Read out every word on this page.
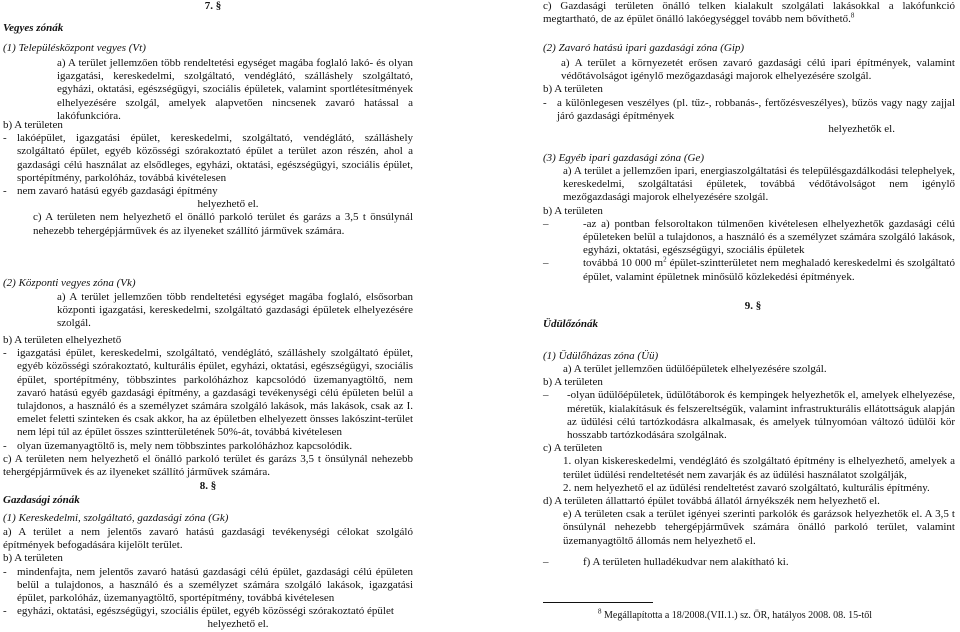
7. §
Vegyes zónák
(1) Településközpont vegyes (Vt)

a) A terület jellemzően több rendeltetési egységet magába foglaló lakó- és olyan igazgatási, kereskedelmi, szolgáltató, vendéglátó, szálláshely szolgáltató, egyházi, oktatási, egészségügyi, szociális épületek, valamint sportlétesítmények elhelyezésére szolgál, amelyek alapvetően nincsenek zavaró hatással a lakófunkcióra.

b) A területen

- lakóépület, igazgatási épület, kereskedelmi, szolgáltató, vendéglátó, szálláshely szolgáltató épület, egyéb közösségi szórakoztató épület a terület azon részén, ahol a gazdasági célú használat az elsődleges, egyházi, oktatási, egészségügyi, szociális épület, sportépítmény, parkolóház, továbbá kivételesen
- nem zavaró hatású egyéb gazdasági építmény

helyezhető el.

c) A területen nem helyezhető el önálló parkoló terület és garázs a 3,5 t önsúlynál nehezebb tehergépjárművek és az ilyeneket szállító járművek számára.

(2) Központi vegyes zóna (Vk)

a) A terület jellemzően több rendeltetési egységet magába foglaló, elsősorban központi igazgatási, kereskedelmi, szolgáltató gazdasági épületek elhelyezésére szolgál.

b) A területen elhelyezhető

- igazgatási épület, kereskedelmi, szolgáltató, vendéglátó, szálláshely szolgáltató épület, egyéb közösségi szórakoztató, kulturális épület, egyházi, oktatási, egészségügyi, szociális épület, sportépítmény, többszintes parkolóházhoz kapcsolódó üzemanyagtöltő, nem zavaró hatású egyéb gazdasági építmény, a gazdasági tevékenységi célú épületen belül a tulajdonos, a használó és a személyzet számára szolgáló lakások, más lakások, csak az I. emelet feletti szinteken és csak akkor, ha az épületben elhelyezett önsses lakószint-terület nem lépi túl az épület összes szintterületének 50%-át, továbbá kivételesen
- olyan üzemanyagtöltő is, mely nem többszintes parkolóházhoz kapcsolódik.

c) A területen nem helyezhető el önálló parkoló terület és garázs 3,5 t önsúlynál nehezebb tehergépjárművek és az ilyeneket szállító járművek számára.

8. §
Gazdasági zónák
(1) Kereskedelmi, szolgáltató, gazdasági zóna (Gk)

a) A terület a nem jelentős zavaró hatású gazdasági tevékenységi célokat szolgáló építmények befogadására kijelölt terület.

b) A területen

- mindenfajta, nem jelentős zavaró hatású gazdasági célú épület, gazdasági célú épületen belül a tulajdonos, a használó és a személyzet számára szolgáló lakások, igazgatási épület, parkolóház, üzemanyagtöltő, sportépítmény, továbbá kivételesen
- egyházi, oktatási, egészségügyi, szociális épület, egyéb közösségi szórakoztató épület

helyezhető el.

c) Gazdasági területen önálló telken kialakult szolgálati lakásokkal a lakófunkció megtartható, de az épület önálló lakóegységgel tovább nem bővíthető.$^8$

(2) Zavaró hatású ipari gazdasági zóna (Gip)

a) A terület a környezetét erősen zavaró gazdasági célú ipari építmények, valamint védőtávolságot igénylő mezőgazdasági majorok elhelyezésére szolgál.

b) A területen

- a különlegesen veszélyes (pl. tűz-, robbanás-, fertőzésveszélyes), bűzös vagy nagy zajjal járó gazdasági építmények

helyezhetők el.

(3) Egyéb ipari gazdasági zóna (Ge)

a) A terület a jellemzően ipari, energiaszolgáltatási és településgazdálkodási telephelyek, kereskedelmi, szolgáltatási épületek, továbbá védőtávolságot nem igénylő mezőgazdasági majorok elhelyezésére szolgál.

b) A területen

–	-az a) pontban felsoroltakon túlmenően kivételesen elhelyezhetők gazdasági célú épületeken belül a tulajdonos, a használó és a személyzet számára szolgáló lakások, egyházi, oktatási, egészségügyi, szociális épületek
–	továbbá 10 000 $m^2$ épület-szintterületet nem meghaladó kereskedelmi és szolgáltató épület, valamint épületnek minősülő közlekedési építmények.
9. §
Üdülőzónák
(1) Üdülőházas zóna (Üü)

a) A terület jellemzően üdülőépületek elhelyezésére szolgál.

b) A területen

–	-olyan üdülőépületek, üdülőtáborok és kempingek helyezhetők el, amelyek elhelyezése, méretük, kialakításuk és felszereltségük, valamint infrastrukturális ellátottságuk alapján az üdülési célú tartózkodásra alkalmasak, és amelyek túlnyomóan változó üdülői kör hosszabb tartózkodására szolgálnak.

c) A területen

1. olyan kiskereskedelmi, vendéglátó és szolgáltató építmény is elhelyezhető, amelyek a terület üdülési rendeltetését nem zavarják és az üdülési használatot szolgálják,

2. nem helyezhető el az üdülési rendeltetést zavaró szolgáltató, kulturális építmény.

d) A területen állattartó épület továbbá állatól árnyékszék nem helyezhető el.

e) A területen csak a terület igényei szerinti parkolók és garázsok helyezhetők el. A 3,5 t önsúlynál nehezebb tehergépjárművek számára önálló parkoló terület, valamint üzemanyagtöltő állomás nem helyezhető el.

–	f) A területen hulladékudvar nem alakítható ki.
$^8$ Megállapította a 18/2008.(VII.1.) sz. ÖR, hatályos 2008. 08. 15-től
